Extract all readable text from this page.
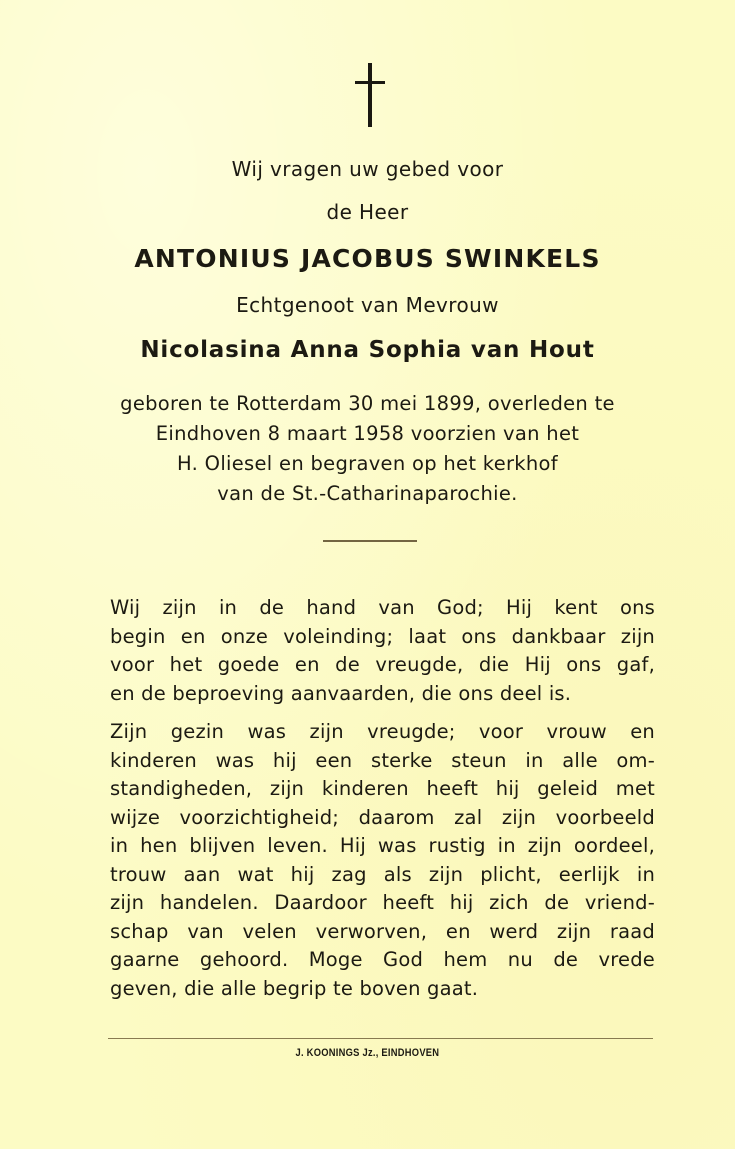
Wij vragen uw gebed voor
de Heer
ANTONIUS JACOBUS SWINKELS
Echtgenoot van Mevrouw
Nicolasina Anna Sophia van Hout
geboren te Rotterdam 30 mei 1899, overleden te
Eindhoven 8 maart 1958 voorzien van het
H. Oliesel en begraven op het kerkhof
van de St.-Catharinaparochie.
Wij zijn in de hand van God; Hij kent ons
begin en onze voleinding; laat ons dankbaar zijn
voor het goede en de vreugde, die Hij ons gaf,
en de beproeving aanvaarden, die ons deel is.
Zijn gezin was zijn vreugde; voor vrouw en
kinderen was hij een sterke steun in alle om-
standigheden, zijn kinderen heeft hij geleid met
wijze voorzichtigheid; daarom zal zijn voorbeeld
in hen blijven leven. Hij was rustig in zijn oordeel,
trouw aan wat hij zag als zijn plicht, eerlijk in
zijn handelen. Daardoor heeft hij zich de vriend-
schap van velen verworven, en werd zijn raad
gaarne gehoord. Moge God hem nu de vrede
geven, die alle begrip te boven gaat.
J. KOONINGS Jz., EINDHOVEN
